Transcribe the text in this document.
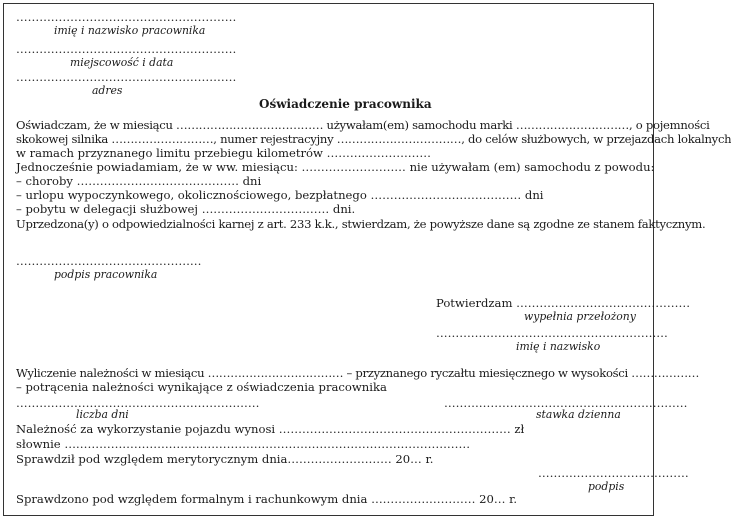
…………………………………………………
imię i nazwisko pracownika
…………………………………………………
miejscowość i data
…………………………………………………
adres
Oświadczenie pracownika
Oświadczam, że w miesiącu ………………………………… używałam(em) samochodu marki …………………………, o pojemności
skokowej silnika ………………………, numer rejestracyjny ……………………………, do celów służbowych, w przejazdach lokalnych
w ramach przyznanego limitu przebiegu kilometrów ………………………
Jednocześnie powiadamiam, że w ww. miesiącu: ……………………… nie używałam (em) samochodu z powodu:
– choroby …………………………………… dni
– urlopu wypoczynkowego, okolicznościowego, bezpłatnego ………………………………… dni
– pobytu w delegacji służbowej …………………………… dni.
Uprzedzona(y) o odpowiedzialności karnej z art. 233 k.k., stwierdzam, że powyższe dane są zgodne ze stanem faktycznym.
…………………………………………
podpis pracownika
Potwierdzam ………………………………………
wypełnia przełożony
……………………………………………………
imię i nazwisko
Wyliczenie należności w miesiącu ……………………………… – przyznanego ryczałtu miesięcznego w wysokości ………………
– potrącenia należności wynikające z oświadczenia pracownika
………………………………………………………
liczba dni
………………………………………………………
stawka dzienna
Należność za wykorzystanie pojazdu wynosi …………………………………………………… zł
słownie ……………………………………………………………………………………………
Sprawdził pod względem merytorycznym dnia……………………… 20… r.
…………………………………
podpis
Sprawdzono pod względem formalnym i rachunkowym dnia ……………………… 20… r.
